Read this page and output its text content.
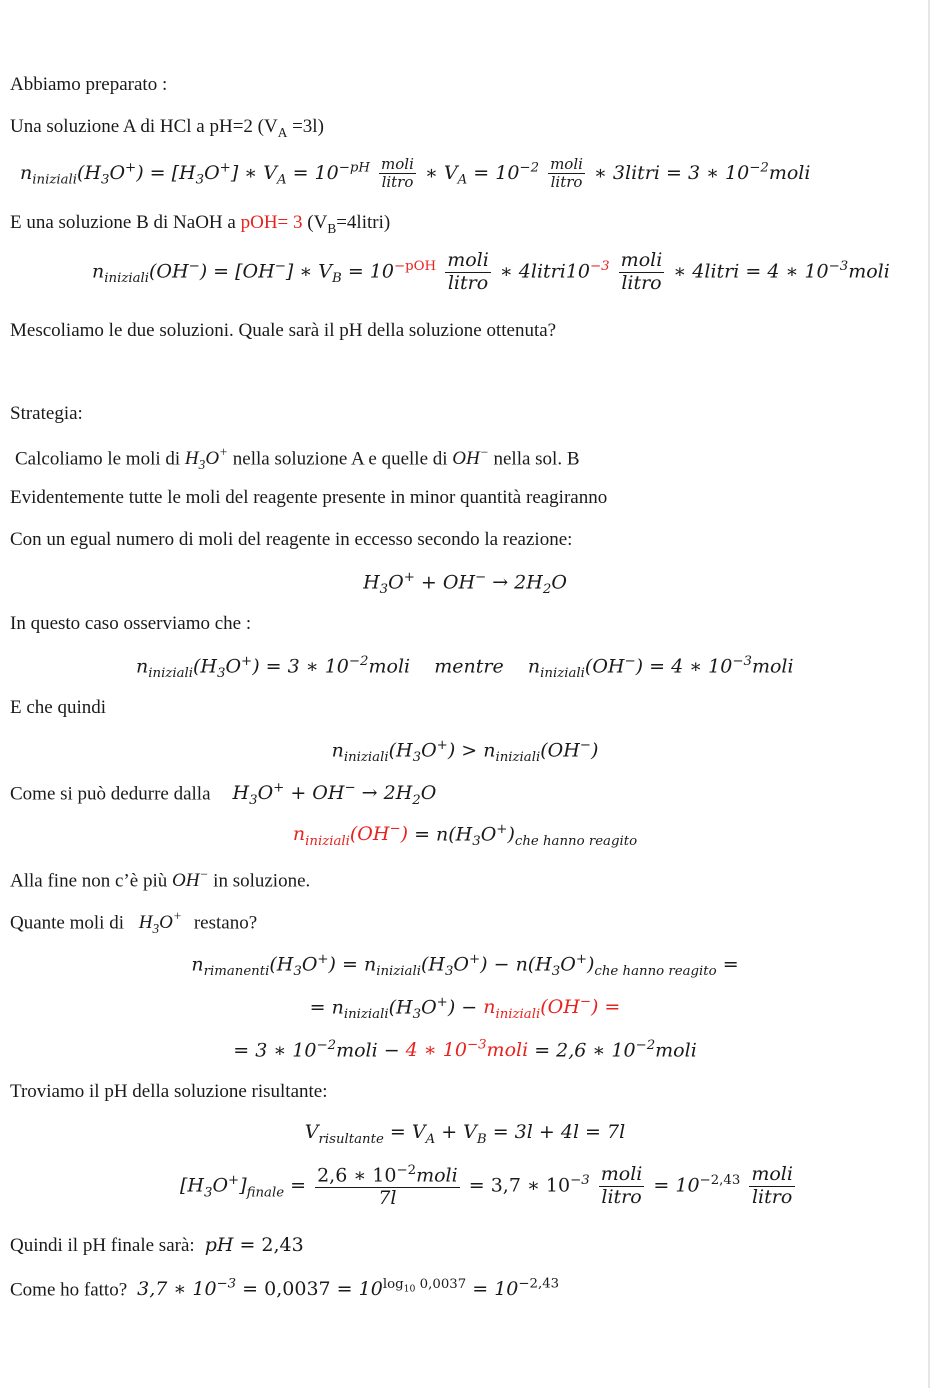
Abbiamo preparato :
Una soluzione A di HCl a pH=2 $(V_A =3l)$
$n_{iniziali}(H_3O^+) = [H_3O^+]$ ∗ $V_A = 10^{-pH} \frac{\text{moli}}{\text{litro}}$ ∗ $V_A = 10^{-2} \frac{\text{moli}}{\text{litro}}$ ∗ 3litri = 3 ∗ $10^{-2}moli$
E una soluzione B di NaOH a pOH= 3 $(V_B=4litri)$
$n_{iniziali}(OH^-) = [OH^-]$ ∗ $V_B = 10^{-pOH} \frac{\text{moli}}{\text{litro}}$ ∗ $4litri10^{-3} \frac{\text{moli}}{\text{litro}}$ ∗ 4litri = 4 ∗ $10^{-3}moli$
Mescoliamo le due soluzioni. Quale sarà il pH della soluzione ottenuta?
Strategia:
Calcoliamo le moli di $H_3O^+$ nella soluzione A e quelle di OH− nella sol. B
Evidentemente tutte le moli del reagente presente in minor quantità reagiranno
Con un egual numero di moli del reagente in eccesso secondo la reazione:
$H_3O^+ + OH^- \to 2H_2O$
In questo caso osserviamo che :
$n_{iniziali}(H_3O^+) = 3$ ∗ $10^{-2}moli$    mentre    $n_{iniziali}(OH^-) = 4$ ∗ $10^{-3}moli$
E che quindi
$n_{iniziali}(H_3O^+) > n_{iniziali}(OH^-)$
Come si può dedurre dalla $H_3O^+ + OH^- \to 2H_2O$
$n_{iniziali}(OH^-) = n(H_3O^+)_{che hanno reagito}$
Alla fine non c’è più OH− in soluzione.
Quante moli di $H_3O^+$ restano?
$n_{rimanenti}(H_3O^+) = n_{iniziali}(H_3O^+) - n(H_3O^+)_{che hanno reagito}$ =
= $n_{iniziali}(H_3O^+) - n_{iniziali}(OH^-)$ =
= 3 ∗ $10^{-2}moli - 4$ ∗ $10^{-3}moli = 2,6$ ∗ $10^{-2}moli$
Troviamo il pH della soluzione risultante:
$V_{risultante} = V_A + V_B = 3l + 4l = 7l$
$[H_3O^+]_{finale} = \frac{2,6 ∗ 10^{-2}moli}{7l} = 3,7$ ∗ $10^{-3} \frac{\text{moli}}{\text{litro}} = 10^{-2,43} \frac{\text{moli}}{\text{litro}}$
Quindi il pH finale sarà: pH = 2,43
Come ho fatto? 3,7 ∗ $10^{-3} = 0,0037 = 10^{log_{10} 0,0037} = 10^{-2,43}$
